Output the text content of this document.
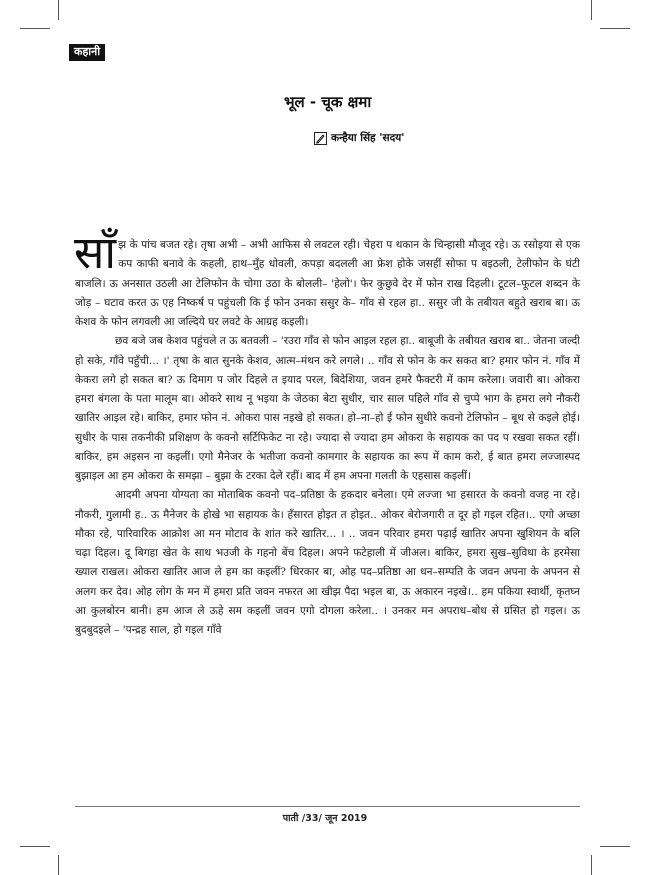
कहानी
भूल - चूक क्षमा
कन्हैया सिंह 'सदय'

साँझ के पांच बजत रहे। तृषा अभी – अभी आफिस से लवटल रही। चेहरा प थकान के चिन्हासी मौजूद रहे। ऊ रसोइया से एक कप काफी बनावे के कहली, हाथ–मुँह धोवली, कपड़ा बदलली आ फ्रेश होके जसहीं सोफा प बइठली, टेलीफोन के घंटी बाजलि। ऊ अनसात उठली आ टेलिफोन के चोगा उठा के बोलली– 'हेलो'। फेर कुछुवे देर में फोन राख दिहली। टूटल–फूटल शब्दन के जोड़ – घटाव करत ऊ एह निष्कर्ष प पहुंचली कि ई फोन उनका ससुर के– गाँव से रहल हा.. ससुर जी के तबीयत बहुते खराब बा। ऊ केशव के फोन लगवली आ जल्दिये घर लवटे के आग्रह कइली।

छव बजे जब केशव पहुंचले त ऊ बतवली – 'रउरा गाँव से फोन आइल रहल हा.. बाबूजी के तबीयत खराब बा.. जेतना जल्दी हो सके, गाँवे पहुँची... ।' तृषा के बात सुनके केशव, आत्म–मंथन करे लगले। .. गाँव से फोन के कर सकत बा? हमार फोन नं. गाँव में केकरा लगे हो सकत बा? ऊ दिमाग प जोर दिहले त इयाद परल, बिदेशिया, जवन हमरे फैक्टरी में काम करेला। जवारी बा। ओकरा हमरा बंगला के पता मालूम बा। ओकरे साथ नू भइया के जेठका बेटा सुधीर, चार साल पहिले गाँव से चुप्पे भाग के हमरा लगे नौकरी खातिर आइल रहे। बाकिर, हमार फोन नं. ओकरा पास नइखे हो सकत। हो–ना–हो ई फोन सुधीरे कवनो टेलिफोन – बूथ से कइले होई। सुधीर के पास तकनीकी प्रशिक्षण के कवनो सर्टिफिकेट ना रहे। ज्यादा से ज्यादा हम ओकरा के सहायक का पद प रखवा सकत रहीं। बाकिर, हम अइसन ना कइलीं। एगो मैनेजर के भतीजा कवनो कामगार के सहायक का रूप में काम करो, ई बात हमरा लज्जास्पद बुझाइल आ हम ओकरा के समझा – बुझा के टरका देले रहीं। बाद में हम अपना गलती के एहसास कइलीं।

आदमी अपना योग्यता का मोताबिक कवनो पद–प्रतिष्ठा के हकदार बनेला। एमे लज्जा भा हसारत के कवनो वजह ना रहे। नौकरी, गुलामी ह.. ऊ मैनेजर के होखे भा सहायक के। हँसारत होइत त होइत.. ओकर बेरोजगारी त दूर हो गइल रहित।.. एगो अच्छा मौका रहे, पारिवारिक आक्रोश आ मन मोटाव के शांत करे खातिर... । .. जवन परिवार हमरा पढ़ाई खातिर अपना खुशियन के बलि चढ़ा दिहल। दू बिगहा खेत के साथ भउजी के गहनो बेंच दिहल। अपने फटेहाली में जीअल। बाकिर, हमरा सुख–सुविधा के हरमेसा ख्याल राखल। ओकरा खातिर आज ले हम का कइलीं? धिरकार बा, ओह पद–प्रतिष्ठा आ धन–सम्पति के जवन अपना के अपनन से अलग कर देव। ओह लोग के मन में हमरा प्रति जवन नफरत आ खीझ पैदा भइल बा, ऊ अकारन नइखे।.. हम पकिया स्वार्थी, कृतघ्न आ कुलबोरन बानी। हम आज ले ऊहे सम कइलीं जवन एगो दोगला करेला.. । उनकर मन अपराध–बोध से ग्रसित हो गइल। ऊ बुदबुदइले – 'पन्द्रह साल, हो गइल गाँवे

पाती /33/ जून 2019
